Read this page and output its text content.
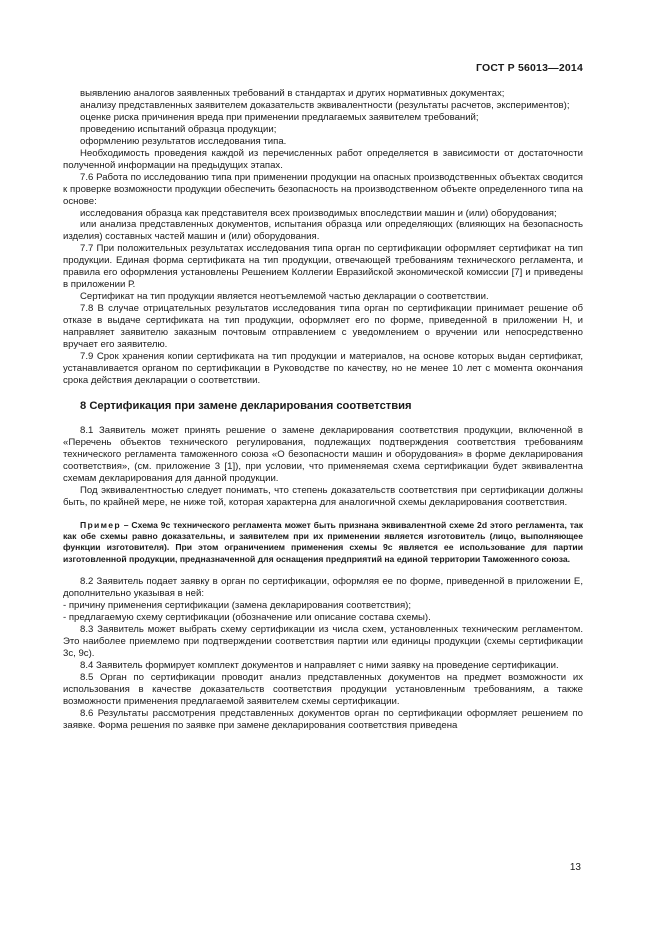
ГОСТ Р 56013—2014

выявлению аналогов заявленных требований в стандартах и других нормативных документах;

анализу представленных заявителем доказательств эквивалентности (результаты расчетов, экспериментов);

оценке риска причинения вреда при применении предлагаемых заявителем требований;

проведению испытаний образца продукции;

оформлению результатов исследования типа.

Необходимость проведения каждой из перечисленных работ определяется в зависимости от достаточности полученной информации на предыдущих этапах.

7.6 Работа по исследованию типа при применении продукции на опасных производственных объектах сводится к проверке возможности продукции обеспечить безопасность на производственном объекте определенного типа на основе:

исследования образца как представителя всех производимых впоследствии машин и (или) оборудования;

или анализа представленных документов, испытания образца или определяющих (влияющих на безопасность изделия) составных частей машин и (или) оборудования.

7.7 При положительных результатах исследования типа орган по сертификации оформляет сертификат на тип продукции. Единая форма сертификата на тип продукции, отвечающей требованиям технического регламента, и правила его оформления установлены Решением Коллегии Евразийской экономической комиссии [7] и приведены в приложении Р.

Сертификат на тип продукции является неотъемлемой частью декларации о соответствии.

7.8 В случае отрицательных результатов исследования типа орган по сертификации принимает решение об отказе в выдаче сертификата на тип продукции, оформляет его по форме, приведенной в приложении Н, и направляет заявителю заказным почтовым отправлением с уведомлением о вручении или непосредственно вручает его заявителю.

7.9 Срок хранения копии сертификата на тип продукции и материалов, на основе которых выдан сертификат, устанавливается органом по сертификации в Руководстве по качеству, но не менее 10 лет с момента окончания срока действия декларации о соответствии.

8 Сертификация при замене декларирования соответствия

8.1 Заявитель может принять решение о замене декларирования соответствия продукции, включенной в «Перечень объектов технического регулирования, подлежащих подтверждения соответствия требованиям технического регламента таможенного союза «О безопасности машин и оборудования» в форме декларирования соответствия», (см. приложение 3 [1]), при условии, что применяемая схема сертификации будет эквивалентна схемам декларирования для данной продукции.

Под эквивалентностью следует понимать, что степень доказательств соответствия при сертификации должны быть, по крайней мере, не ниже той, которая характерна для аналогичной схемы декларирования соответствия.

Пример – Схема 9с технического регламента может быть признана эквивалентной схеме 2d этого регламента, так как обе схемы равно доказательны, и заявителем при их применении является изготовитель (лицо, выполняющее функции изготовителя). При этом ограничением применения схемы 9с является ее использование для партии изготовленной продукции, предназначенной для оснащения предприятий на единой территории Таможенного союза.

8.2 Заявитель подает заявку в орган по сертификации, оформляя ее по форме, приведенной в приложении Е, дополнительно указывая в ней:

- причину применения сертификации (замена декларирования соответствия);

- предлагаемую схему сертификации (обозначение или описание состава схемы).

8.3 Заявитель может выбрать схему сертификации из числа схем, установленных техническим регламентом. Это наиболее приемлемо при подтверждении соответствия партии или единицы продукции (схемы сертификации 3с, 9с).

8.4 Заявитель формирует комплект документов и направляет с ними заявку на проведение сертификации.

8.5 Орган по сертификации проводит анализ представленных документов на предмет возможности их использования в качестве доказательств соответствия продукции установленным требованиям, а также возможности применения предлагаемой заявителем схемы сертификации.

8.6 Результаты рассмотрения представленных документов орган по сертификации оформляет решением по заявке. Форма решения по заявке при замене декларирования соответствия приведена

13
